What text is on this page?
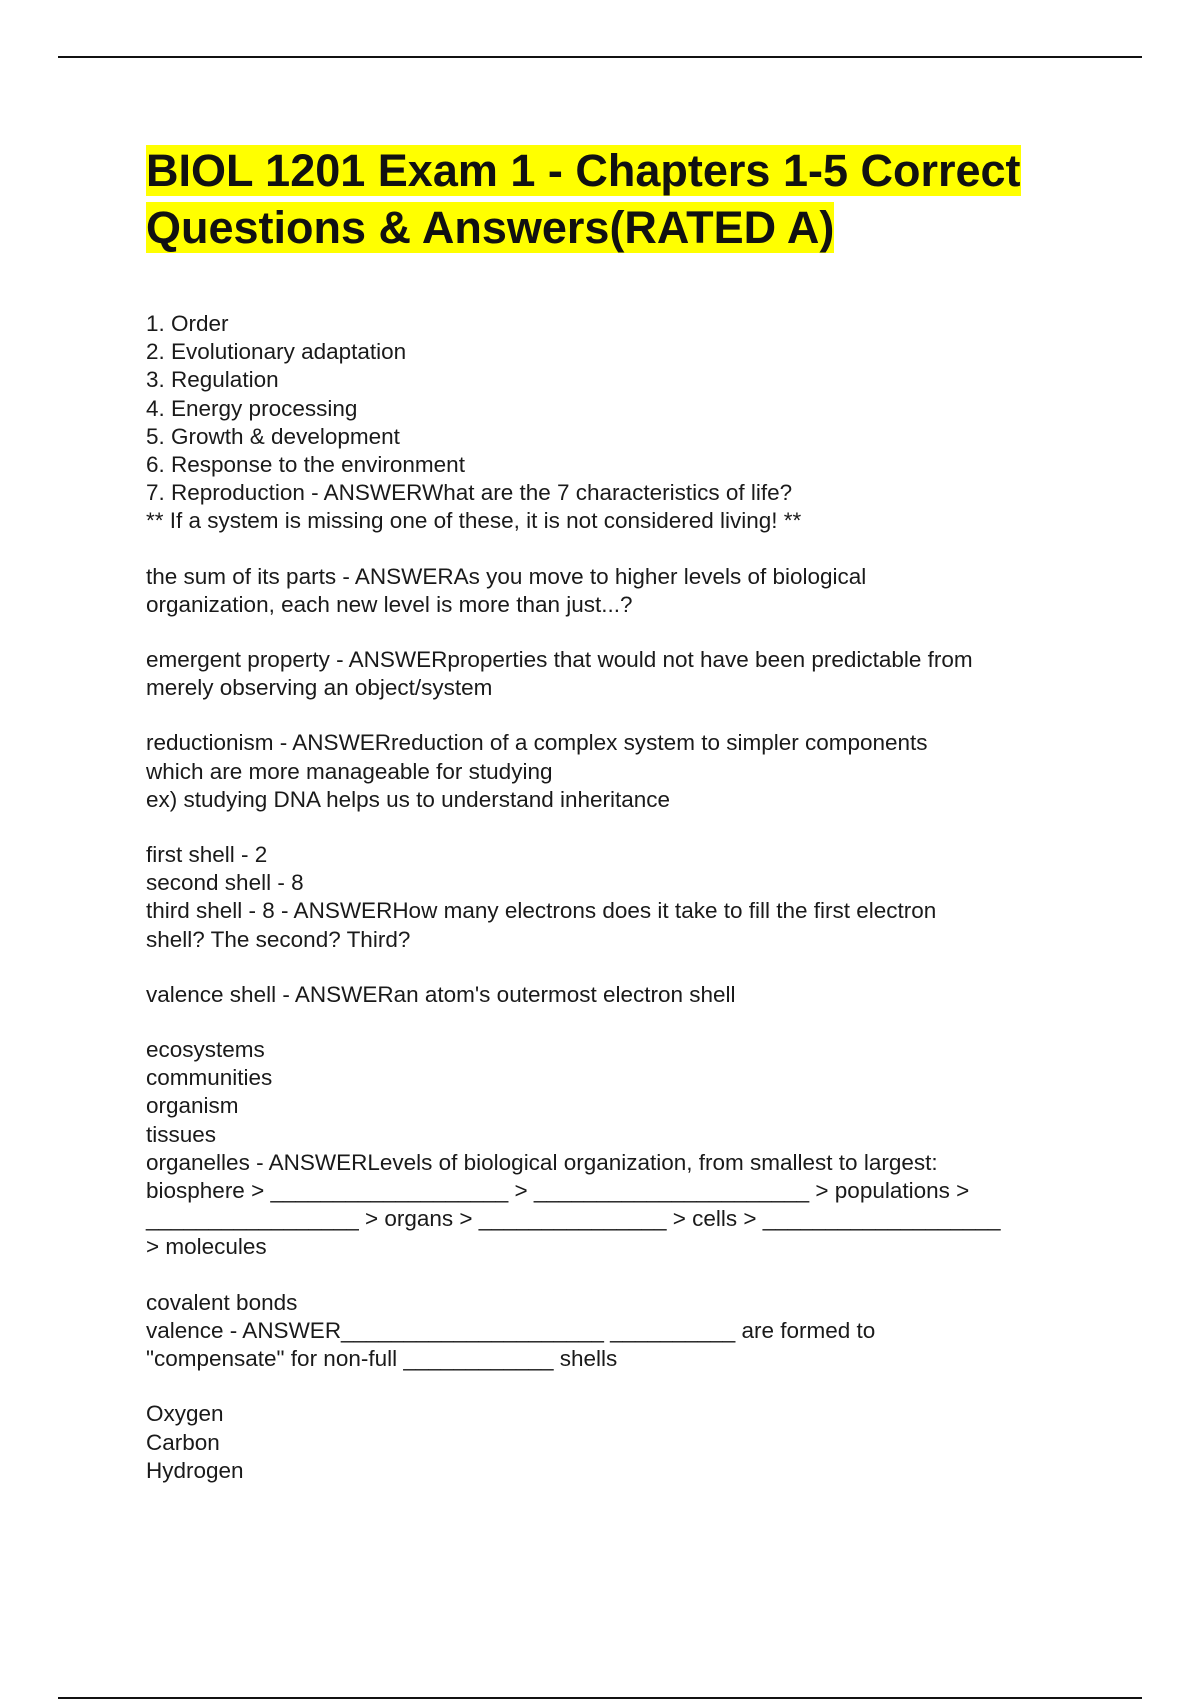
BIOL 1201 Exam 1 - Chapters 1-5 Correct Questions & Answers(RATED A)
1. Order
2. Evolutionary adaptation
3. Regulation
4. Energy processing
5. Growth & development
6. Response to the environment
7. Reproduction - ANSWERWhat are the 7 characteristics of life?
** If a system is missing one of these, it is not considered living! **
the sum of its parts - ANSWERAs you move to higher levels of biological
organization, each new level is more than just...?
emergent property - ANSWERproperties that would not have been predictable from
merely observing an object/system
reductionism - ANSWERreduction of a complex system to simpler components
which are more manageable for studying
ex) studying DNA helps us to understand inheritance
first shell - 2
second shell - 8
third shell - 8 - ANSWERHow many electrons does it take to fill the first electron
shell? The second? Third?
valence shell - ANSWERan atom's outermost electron shell
ecosystems
communities
organism
tissues
organelles - ANSWERLevels of biological organization, from smallest to largest:
biosphere > ___________________ > ______________________ > populations >
_________________ > organs > _______________ > cells > ___________________
> molecules
covalent bonds
valence - ANSWER_____________________ __________ are formed to
"compensate" for non-full ____________ shells
Oxygen
Carbon
Hydrogen
